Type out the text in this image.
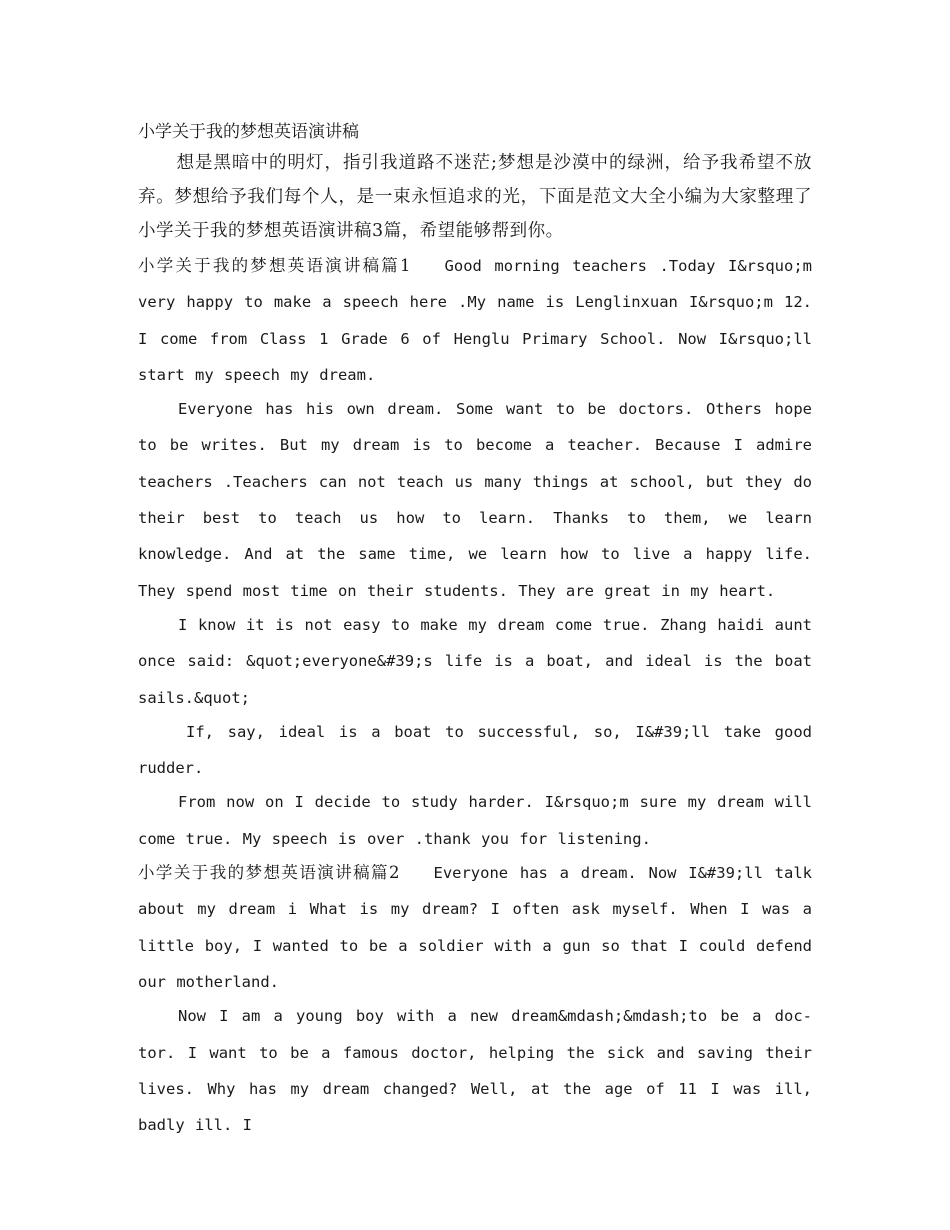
小学关于我的梦想英语演讲稿

想是黑暗中的明灯，指引我道路不迷茫;梦想是沙漠中的绿洲，给予我希望不放弃。梦想给予我们每个人，是一束永恒追求的光，下面是范文大全小编为大家整理了小学关于我的梦想英语演讲稿3篇，希望能够帮到你。

小学关于我的梦想英语演讲稿篇1 Good morning teachers .Today I&rsquo;m very happy to make a speech here .My name is Lenglinxuan I&rsquo;m 12. I come from Class 1 Grade 6 of Henglu Primary School. Now I&rsquo;ll start my speech my dream.

Everyone has his own dream. Some want to be doctors. Others hope to be writes. But my dream is to become a teacher. Because I admire teachers .Teachers can not teach us many things at school, but they do their best to teach us how to learn. Thanks to them, we learn knowledge. And at the same time, we learn how to live a happy life. They spend most time on their students. They are great in my heart.

I know it is not easy to make my dream come true. Zhang haidi aunt once said: &quot;everyone&#39;s life is a boat, and ideal is the boat sails.&quot;

If, say, ideal is a boat to successful, so, I&#39;ll take good rudder.

From now on I decide to study harder. I&rsquo;m sure my dream will come true. My speech is over .thank you for listening.

小学关于我的梦想英语演讲稿篇2 Everyone has a dream. Now I&#39;ll talk about my dream i What is my dream? I often ask myself. When I was a little boy, I wanted to be a soldier with a gun so that I could defend our motherland.

Now I am a young boy with a new dream&mdash;&mdash;to be a doc-tor. I want to be a famous doctor, helping the sick and saving their lives. Why has my dream changed? Well, at the age of 11 I was ill, badly ill. I
